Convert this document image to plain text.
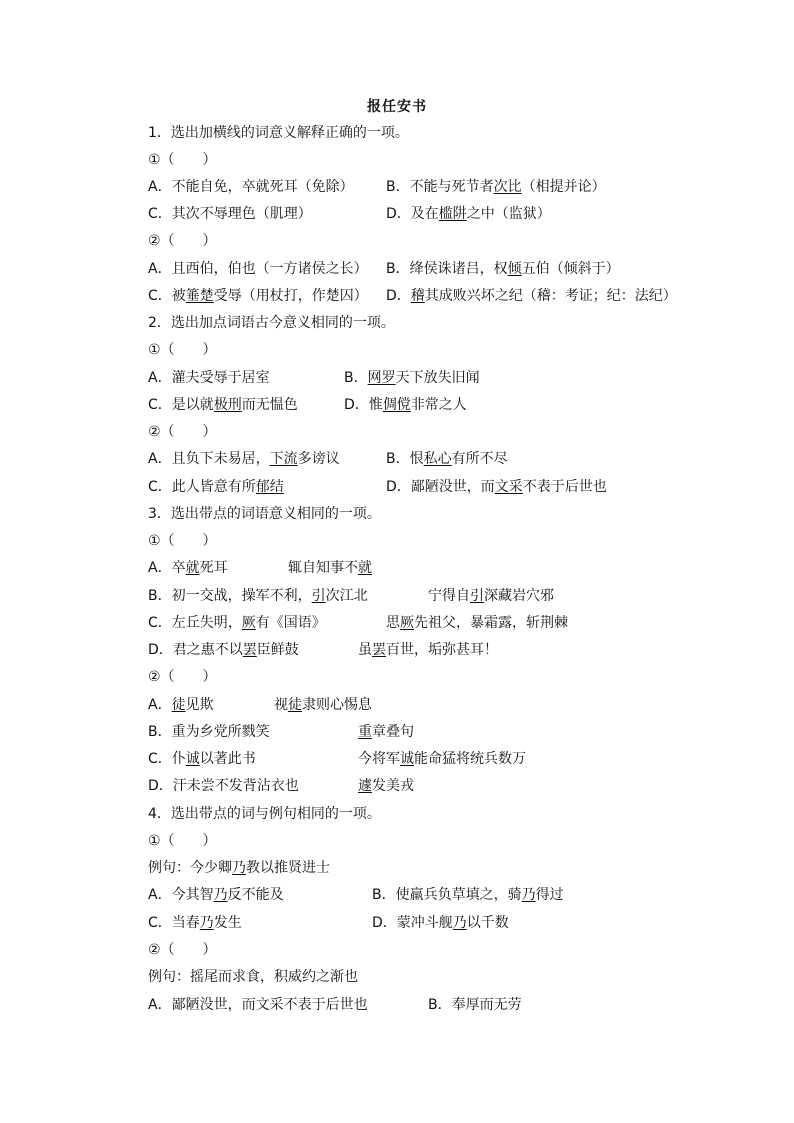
报任安书
1．选出加横线的词意义解释正确的一项。
①（　　）
A．不能自免，卒就死耳（免除） B．不能与死节者次比（相提并论）
C．其次不辱理色（肌理）	D．及在槛阱之中（监狱）
②（　　）
A．且西伯，伯也（一方诸侯之长） B．绛侯诛诸吕，权倾五伯（倾斜于）
C．被箠楚受辱（用杖打，作楚囚） D．稽其成败兴坏之纪（稽：考证；纪：法纪）
2．选出加点词语古今意义相同的一项。
①（　　）
A．灌夫受辱于居室	B．网罗天下放失旧闻
C．是以就极刑而无愠色	D．惟倜傥非常之人
②（　　）
A．且负下未易居，下流多谤议	B．恨私心有所不尽
C．此人皆意有所郁结	D．鄙陋没世，而文采不表于后世也
3．选出带点的词语意义相同的一项。
①（　　）
A．卒就死耳	辄自知事不就
B．初一交战，操军不利，引次江北	宁得自引深藏岩穴邪
C．左丘失明，厥有《国语》	思厥先祖父，暴霜露，斩荆棘
D．君之惠不以罢臣鲜鼓	虽罢百世，垢弥甚耳！
②（　　）
A．徒见欺	视徒隶则心惕息
B．重为乡党所戮笑	重章叠句
C．仆诚以著此书	今将军诚能命猛将统兵数万
D．汗未尝不发背沾衣也	遽发美戎
4．选出带点的词与例句相同的一项。
①（　　）
例句：今少卿乃教以推贤进士
A．今其智乃反不能及	B．使羸兵负草填之，骑乃得过
C．当春乃发生	D．蒙冲斗舰乃以千数
②（　　）
例句：摇尾而求食，积威约之渐也
A．鄙陋没世，而文采不表于后世也	B．奉厚而无劳
